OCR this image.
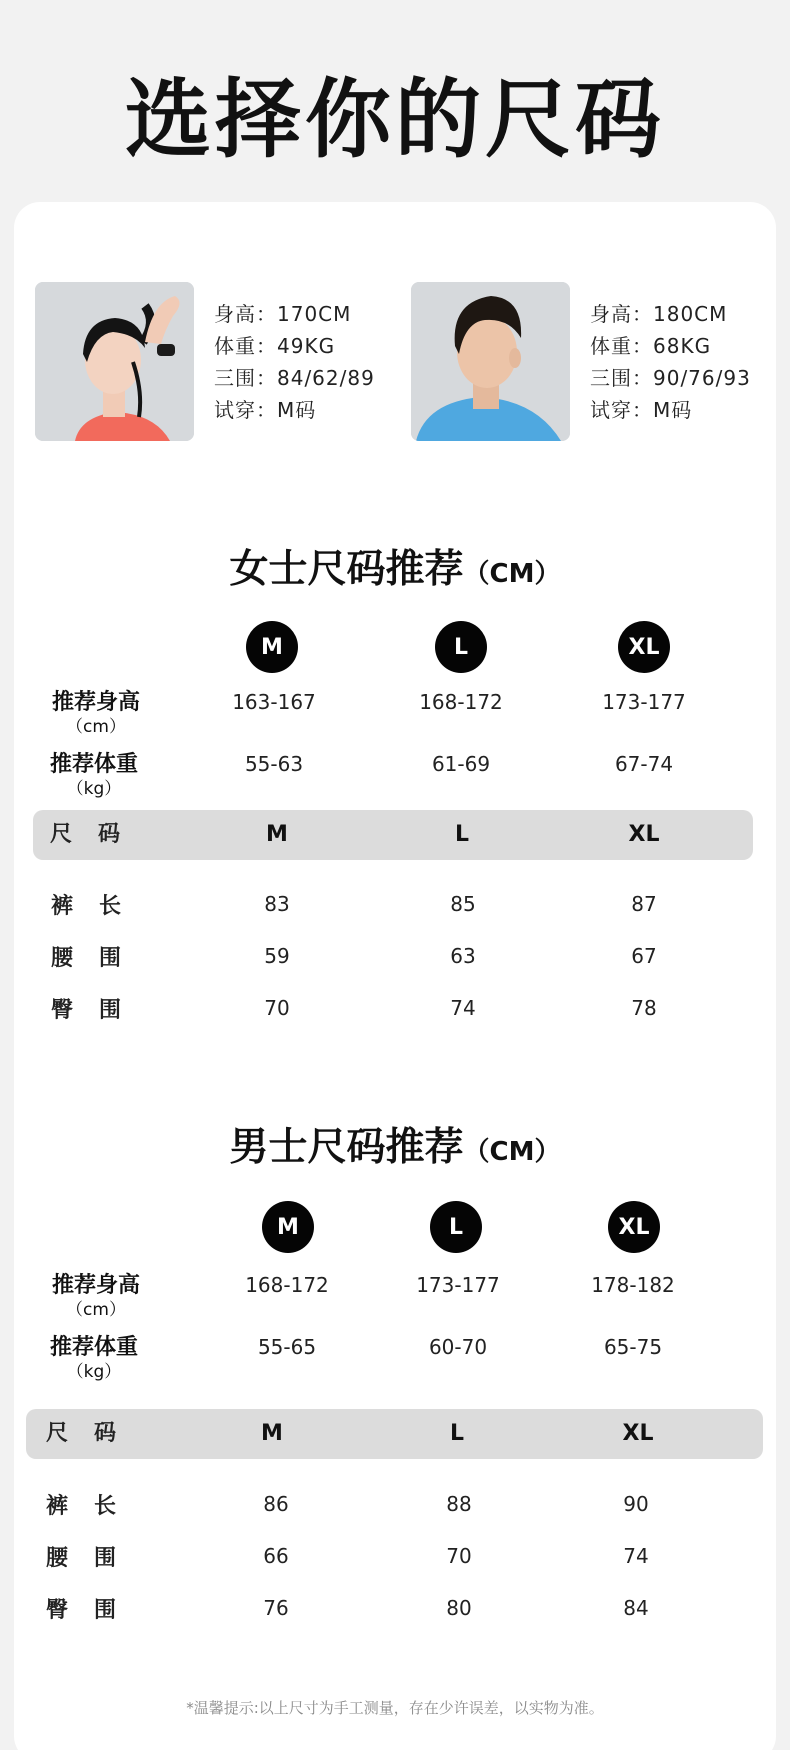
选择你的尺码
身高：170CM
体重：49KG
三围：84/62/89
试穿：M码
身高：180CM
体重：68KG
三围：90/76/93
试穿：M码
女士尺码推荐（CM）
M	L	XL
推荐身高
（cm）
163-167	168-172	173-177
推荐体重
（kg）
55-63	61-69	67-74
尺码	M	L	XL
裤长	83	85	87
腰围	59	63	67
臀围	70	74	78
男士尺码推荐（CM）
M	L	XL
推荐身高
（cm）
168-172	173-177	178-182
推荐体重
（kg）
55-65	60-70	65-75
尺码	M	L	XL
裤长	86	88	90
腰围	66	70	74
臀围	76	80	84
*温馨提示:以上尺寸为手工测量，存在少许误差，以实物为准。
